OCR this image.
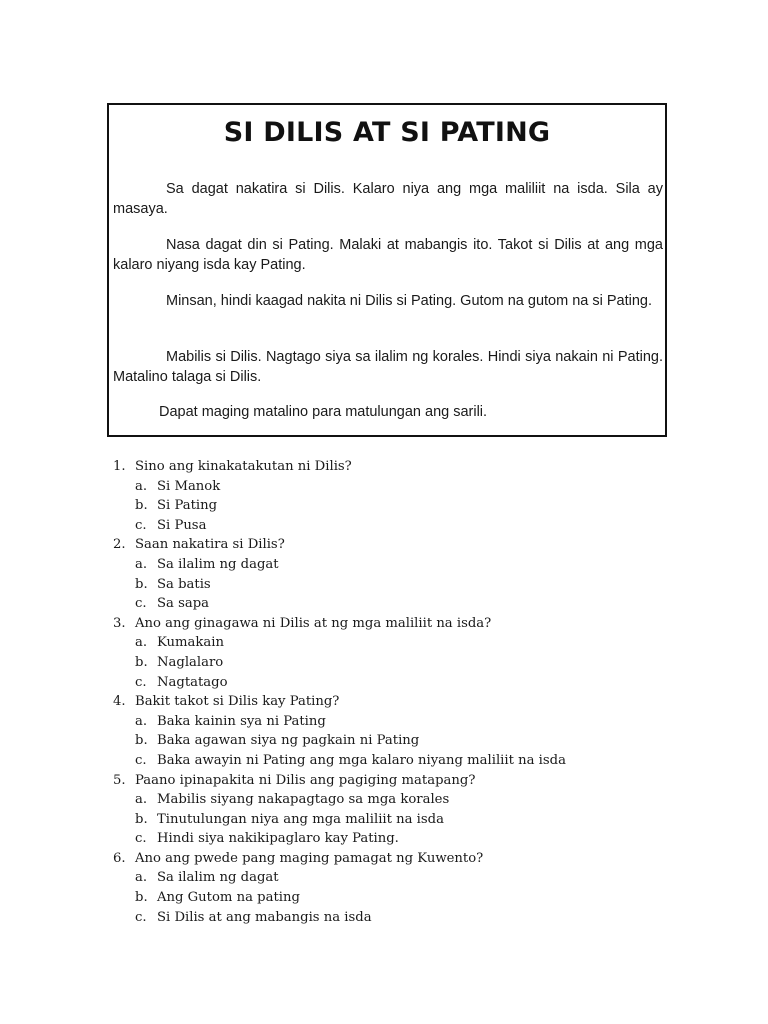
SI DILIS AT SI PATING

Sa dagat nakatira si Dilis. Kalaro niya ang mga maliliit na isda. Sila ay masaya.

Nasa dagat din si Pating. Malaki at mabangis ito. Takot si Dilis at ang mga kalaro niyang isda kay Pating.

Minsan, hindi kaagad nakita ni Dilis si Pating. Gutom na gutom na si Pating.

Mabilis si Dilis. Nagtago siya sa ilalim ng korales. Hindi siya nakain ni Pating. Matalino talaga si Dilis.

Dapat maging matalino para matulungan ang sarili.

1. Sino ang kinakatakutan ni Dilis?
a. Si Manok
b. Si Pating
c. Si Pusa
2. Saan nakatira si Dilis?
a. Sa ilalim ng dagat
b. Sa batis
c. Sa sapa
3. Ano ang ginagawa ni Dilis at ng mga maliliit na isda?
a. Kumakain
b. Naglalaro
c. Nagtatago
4. Bakit takot si Dilis kay Pating?
a. Baka kainin sya ni Pating
b. Baka agawan siya ng pagkain ni Pating
c. Baka awayin ni Pating ang mga kalaro niyang maliliit na isda
5. Paano ipinapakita ni Dilis ang pagiging matapang?
a. Mabilis siyang nakapagtago sa mga korales
b. Tinutulungan niya ang mga maliliit na isda
c. Hindi siya nakikipaglaro kay Pating.
6. Ano ang pwede pang maging pamagat ng Kuwento?
a. Sa ilalim ng dagat
b. Ang Gutom na pating
c. Si Dilis at ang mabangis na isda
